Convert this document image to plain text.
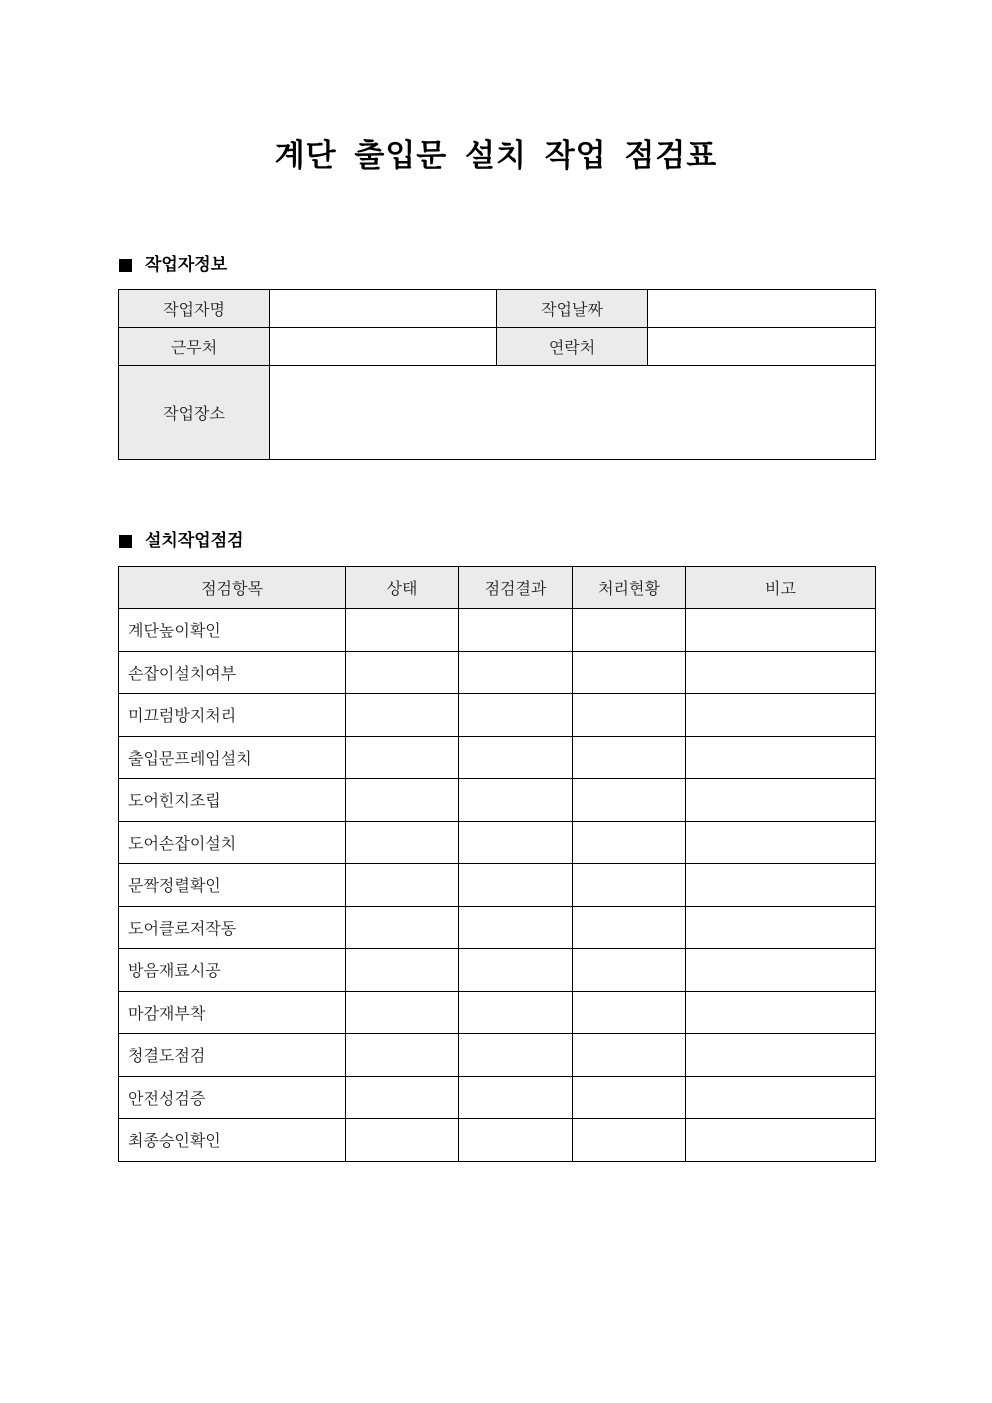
계단 출입문 설치 작업 점검표
작업자정보
작업자명		작업날짜	
근무처		연락처	
작업장소			
설치작업점검
점검항목	상태	점검결과	처리현황	비고
계단높이확인				
손잡이설치여부				
미끄럼방지처리				
출입문프레임설치				
도어힌지조립				
도어손잡이설치				
문짝정렬확인				
도어클로저작동				
방음재료시공				
마감재부착				
청결도점검				
안전성검증				
최종승인확인				
